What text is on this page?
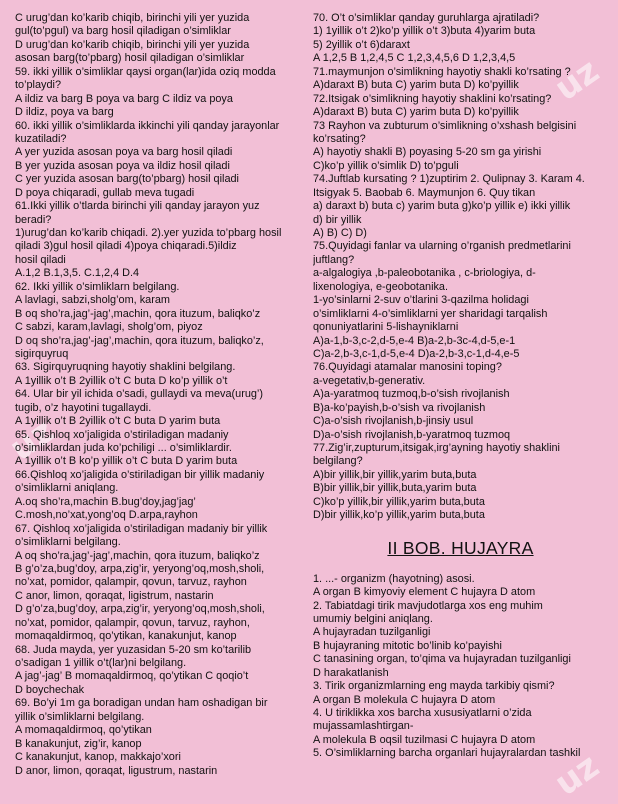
uz
uz
uz
C urug’dan ko’karib chiqib, birinchi yili yer yuzida
gul(to’pgul) va barg hosil qiladigan o’simliklar
D urug’dan ko’karib chiqib, birinchi yili yer yuzida
asosan barg(to’pbarg) hosil qiladigan o’simliklar
59. ikki yillik o’simliklar qaysi organ(lar)ida oziq modda
to’playdi?
A ildiz va barg B poya va barg C ildiz va poya
D ildiz, poya va barg
60. ikki yillik o’simliklarda ikkinchi yili qanday jarayonlar
kuzatiladi?
A yer yuzida asosan poya va barg hosil qiladi
B yer yuzida asosan poya va ildiz hosil qiladi
C yer yuzida asosan barg(to’pbarg) hosil qiladi
D poya chiqaradi, gullab meva tugadi
61.Ikki yillik o’tlarda birinchi yili qanday jarayon yuz
beradi?
1)urug’dan ko’karib chiqadi. 2).yer yuzida to’pbarg hosil
qiladi 3)gul hosil qiladi 4)poya chiqaradi.5)ildiz
hosil qiladi
A.1,2 B.1,3,5. C.1,2,4 D.4
62. Ikki yillik o’simliklarn belgilang.
A lavlagi, sabzi,sholg’om, karam
B oq sho’ra,jag’-jag’,machin, qora ituzum, baliqko’z
C sabzi, karam,lavlagi, sholg’om, piyoz
D oq sho’ra,jag’-jag’,machin, qora ituzum, baliqko’z,
sigirquyruq
63. Sigirquyruqning hayotiy shaklini belgilang.
A 1yillik o’t B 2yillik o’t C buta D ko’p yillik o’t
64. Ular bir yil ichida o’sadi, gullaydi va meva(urug’)
tugib, o’z hayotini tugallaydi.
A 1yillik o’t B 2yillik o’t C buta D yarim buta
65. Qishloq xo’jaligida o’stiriladigan madaniy
o’simliklardan juda ko’pchiligi ... o’simliklardir.
A 1yillik o’t B ko’p yillik o’t C buta D yarim buta
66.Qishloq xo’jaligida o’stiriladigan bir yillik madaniy
o’simliklarni aniqlang.
A.oq sho’ra,machin B.bug’doy,jag’jag’
C.mosh,no’xat,yong’oq D.arpa,rayhon
67. Qishloq xo’jaligida o’stiriladigan madaniy bir yillik
o’simliklarni belgilang.
A oq sho’ra,jag’-jag’,machin, qora ituzum, baliqko’z
B g’o’za,bug’doy, arpa,zig’ir, yeryong’oq,mosh,sholi,
no’xat, pomidor, qalampir, qovun, tarvuz, rayhon
C anor, limon, qoraqat, ligistrum, nastarin
D g’o’za,bug’doy, arpa,zig’ir, yeryong’oq,mosh,sholi,
no’xat, pomidor, qalampir, qovun, tarvuz, rayhon,
momaqaldirmoq, qo’ytikan, kanakunjut, kanop
68. Juda mayda, yer yuzasidan 5-20 sm ko’tarilib
o’sadigan 1 yillik o’t(lar)ni belgilang.
A jag’-jag’ B momaqaldirmoq, qo’ytikan C qoqio’t
D boychechak
69. Bo’yi 1m ga boradigan undan ham oshadigan bir
yillik o’simliklarni belgilang.
A momaqaldirmoq, qo’ytikan
B kanakunjut, zig’ir, kanop
C kanakunjut, kanop, makkajo’xori
D anor, limon, qoraqat, ligustrum, nastarin
70. O’t o’simliklar qanday guruhlarga ajratiladi?
1) 1yillik o’t 2)ko’p yillik o’t 3)buta 4)yarim buta
5) 2yillik o’t 6)daraxt
A 1,2,5 B 1,2,4,5 C 1,2,3,4,5,6 D 1,2,3,4,5
71.maymunjon o’simlikning hayotiy shakli ko’rsating ?
A)daraxt B) buta C) yarim buta D) ko’pyillik
72.Itsigak o’simlikning hayotiy shaklini ko’rsating?
A)daraxt B) buta C) yarim buta D) ko’pyillik
73 Rayhon va zubturum o’simlikning o’xshash belgisini
ko’rsating?
A) hayotiy shakli B) poyasing 5-20 sm ga yirishi
C)ko’p yillik o’simlik D) to’pguli
74.Juftlab kursating ? 1)zuptirim 2. Qulipnay 3. Karam 4.
Itsigyak 5. Baobab 6. Maymunjon 6. Quy tikan
a) daraxt b) buta c) yarim buta g)ko’p yillik e) ikki yillik
d) bir yillik
A) B) C) D)
75.Quyidagi fanlar va ularning o’rganish predmetlarini
juftlang?
a-algalogiya ,b-paleobotanika , c-briologiya, d-
lixenologiya, e-geobotanika.
1-yo’sinlarni 2-suv o’tlarini 3-qazilma holidagi
o’simliklarni 4-o’simliklarni yer sharidagi tarqalish
qonuniyatlarini 5-lishayniklarni
A)a-1,b-3,c-2,d-5,e-4 B)a-2,b-3c-4,d-5,e-1
C)a-2,b-3,c-1,d-5,e-4 D)a-2,b-3,c-1,d-4,e-5
76.Quyidagi atamalar manosini toping?
a-vegetativ,b-generativ.
A)a-yaratmoq tuzmoq,b-o’sish rivojlanish
B)a-ko’payish,b-o’sish va rivojlanish
C)a-o’sish rivojlanish,b-jinsiy usul
D)a-o’sish rivojlanish,b-yaratmoq tuzmoq
77.Zig’ir,zupturum,itsigak,irg’ayning hayotiy shaklini
belgilang?
A)bir yillik,bir yillik,yarim buta,buta
B)bir yillik,bir yillik,buta,yarim buta
C)ko’p yillik,bir yillik,yarim buta,buta
D)bir yillik,ko’p yillik,yarim buta,buta
II BOB. HUJAYRA
1. ...- organizm (hayotning) asosi.
A organ B kimyoviy element C hujayra D atom
2. Tabiatdagi tirik mavjudotlarga xos eng muhim
umumiy belgini aniqlang.
A hujayradan tuzilganligi
B hujayraning mitotic bo’linib ko’payishi
C tanasining organ, to’qima va hujayradan tuzilganligi
D harakatlanish
3. Tirik organizmlarning eng mayda tarkibiy qismi?
A organ B molekula C hujayra D atom
4. U tiriklikka xos barcha xususiyatlarni o’zida
mujassamlashtirgan-
A molekula B oqsil tuzilmasi C hujayra D atom
5. O’simliklarning barcha organlari hujayralardan tashkil
